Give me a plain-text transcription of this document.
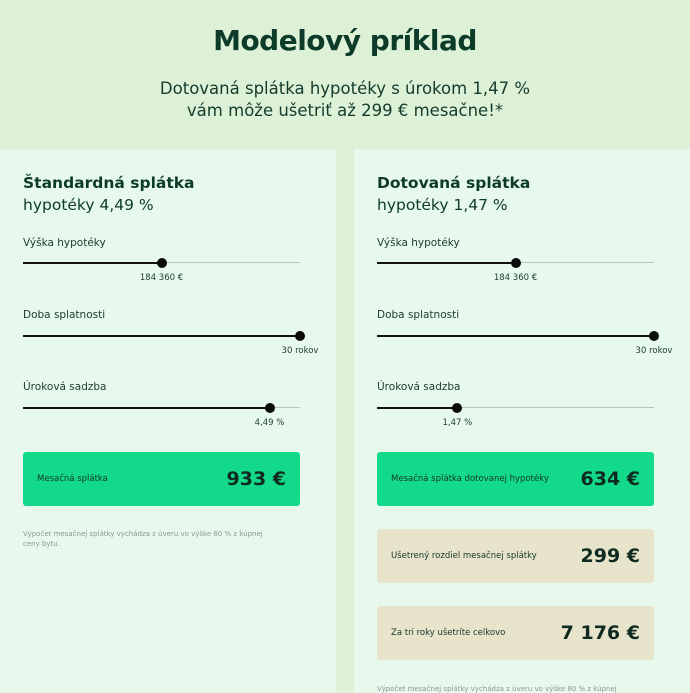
Modelový príklad
Dotovaná splátka hypotéky s úrokom 1,47 %
vám môže ušetriť až 299 € mesačne!*
Štandardná splátka
hypotéky 4,49 %
Výška hypotéky
184 360 €
Doba splatnosti
30 rokov
Úroková sadzba
4,49 %
Mesačná splátka	933 €
Výpočet mesačnej splátky vychádza z úveru vo výške 80 % z kúpnej ceny bytu.
Dotovaná splátka
hypotéky 1,47 %
Výška hypotéky
184 360 €
Doba splatnosti
30 rokov
Úroková sadzba
1,47 %
Mesačná splátka dotovanej hypotéky 634 €
Ušetrený rozdiel mesačnej splátky 299 €
Za tri roky ušetríte celkovo	7 176 €
Výpočet mesačnej splátky vychádza z úveru vo výške 80 % z kúpnej
